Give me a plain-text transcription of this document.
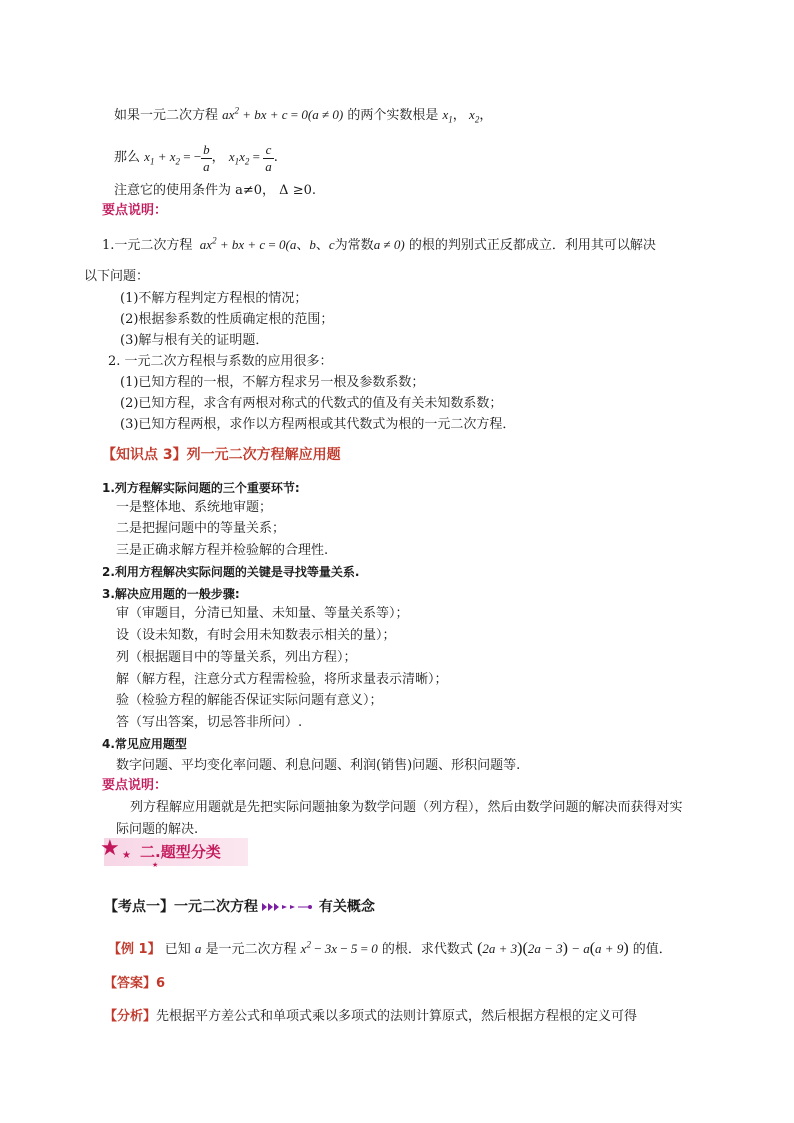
如果一元二次方程 $ax^2$ + bx + c = 0(a ≠ 0) 的两个实数根是 $x_1$， $x_2$，
那么 $x_1 + x_2$ = − $\frac{b}{a}$ ， $x_1x_2 = \frac{c}{a}$ .
注意它的使用条件为 a≠0， Δ ≥0.
要点说明：
1.一元二次方程  $ax^2$ + bx + c = 0(a、b、c为常数a ≠ 0) 的根的判别式正反都成立．利用其可以解决
以下问题：
(1)不解方程判定方程根的情况；
(2)根据参系数的性质确定根的范围；
(3)解与根有关的证明题．
2. 一元二次方程根与系数的应用很多：
(1)已知方程的一根，不解方程求另一根及参数系数；
(2)已知方程，求含有两根对称式的代数式的值及有关未知数系数；
(3)已知方程两根，求作以方程两根或其代数式为根的一元二次方程．
【知识点 3】列一元二次方程解应用题
1.列方程解实际问题的三个重要环节:
一是整体地、系统地审题；
二是把握问题中的等量关系；
三是正确求解方程并检验解的合理性.
2.利用方程解决实际问题的关键是寻找等量关系.
3.解决应用题的一般步骤:
审（审题目，分清已知量、未知量、等量关系等）；
设（设未知数，有时会用未知数表示相关的量）；
列（根据题目中的等量关系，列出方程）；
解（解方程，注意分式方程需检验，将所求量表示清晰）；
验（检验方程的解能否保证实际问题有意义）；
答（写出答案，切忌答非所问）.
4.常见应用题型
数字问题、平均变化率问题、利息问题、利润(销售)问题、形积问题等.
要点说明：
列方程解应用题就是先把实际问题抽象为数学问题（列方程），然后由数学问题的解决而获得对实
际问题的解决.
★ ★
★
二.题型分类
【考点一】一元二次方程	有关概念
【例 1】 已知 a 是一元二次方程 $x^2 - 3x - 5 = 0$ 的根．求代数式 (2a + 3)(2a − 3) − a(a + 9) 的值．
【答案】6
【分析】先根据平方差公式和单项式乘以多项式的法则计算原式，然后根据方程根的定义可得
